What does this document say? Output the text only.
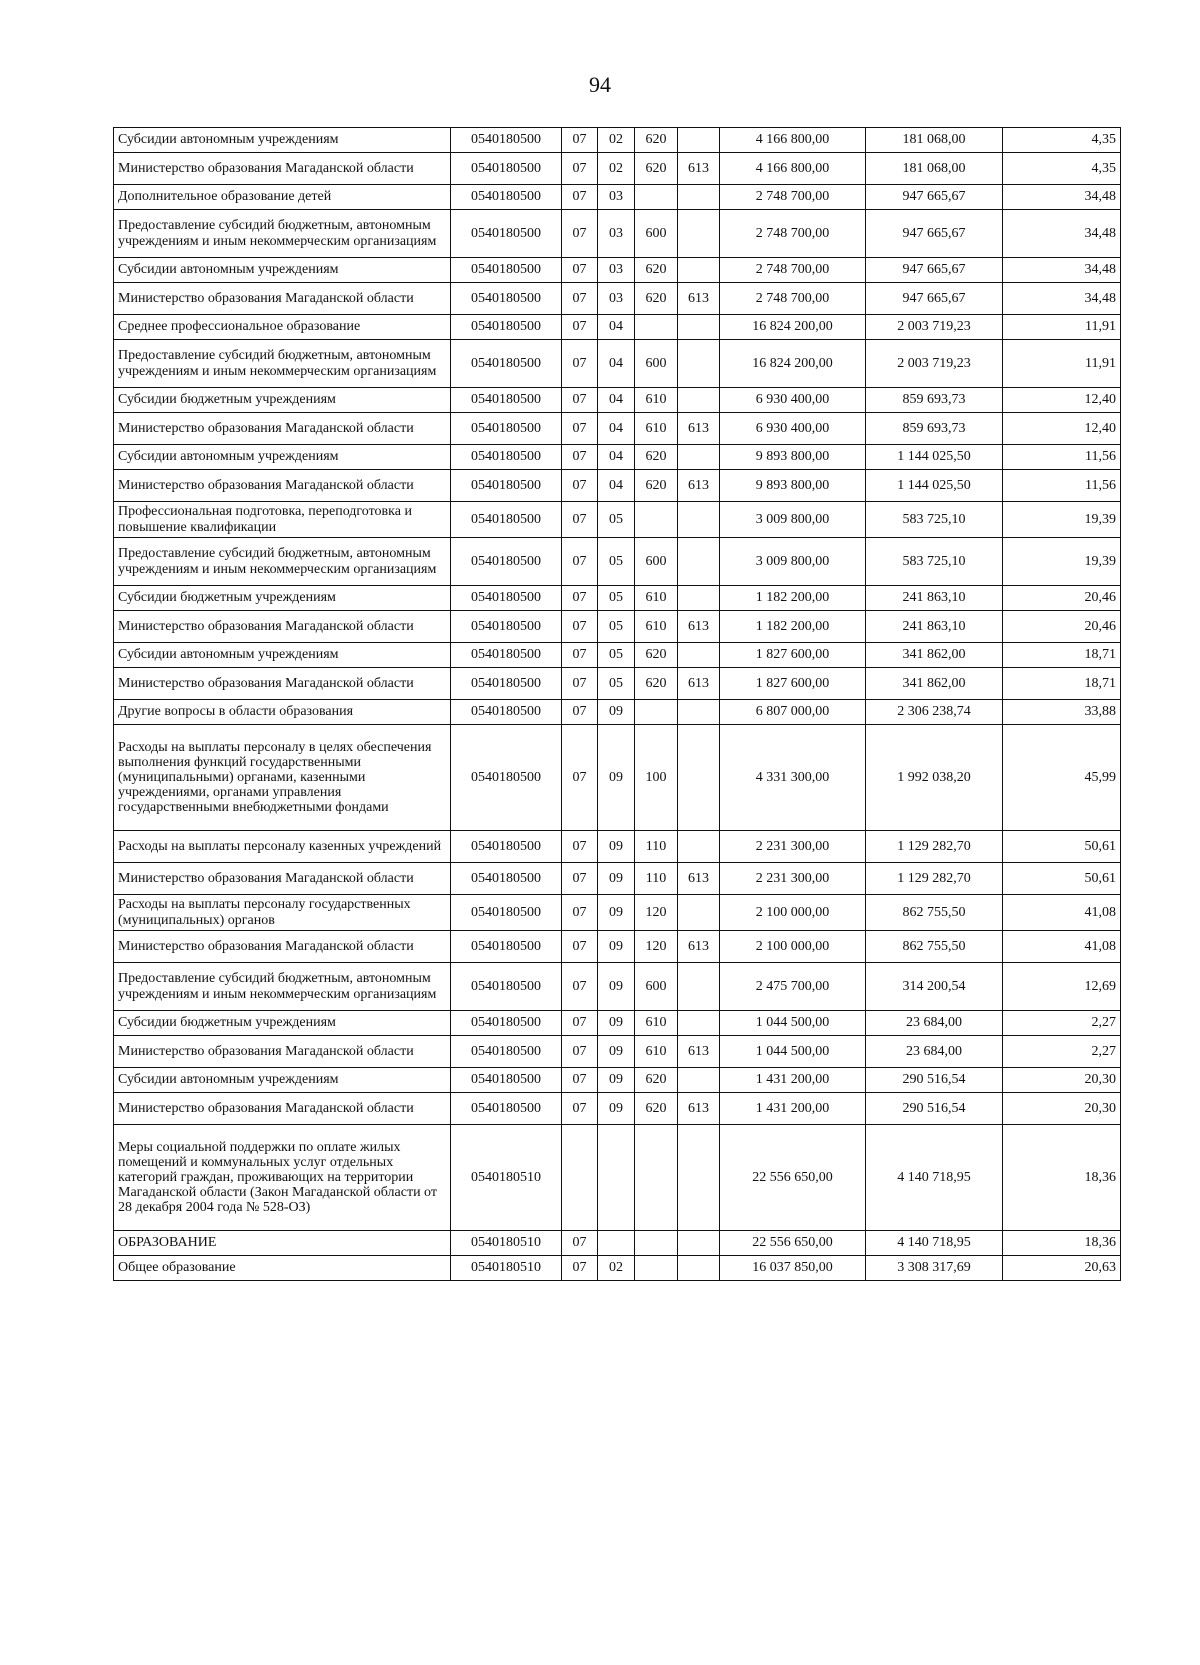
94
Субсидии автономным учреждениям	0540180500	07	02	620		4 166 800,00	181 068,00	4,35
Министерство образования Магаданской области	0540180500	07	02	620	613	4 166 800,00	181 068,00	4,35
Дополнительное образование детей	0540180500	07	03			2 748 700,00	947 665,67	34,48
Предоставление субсидий бюджетным, автономным учреждениям и иным некоммерческим организациям	0540180500	07	03	600		2 748 700,00	947 665,67	34,48
Субсидии автономным учреждениям	0540180500	07	03	620		2 748 700,00	947 665,67	34,48
Министерство образования Магаданской области	0540180500	07	03	620	613	2 748 700,00	947 665,67	34,48
Среднее профессиональное образование	0540180500	07	04			16 824 200,00	2 003 719,23	11,91
Предоставление субсидий бюджетным, автономным учреждениям и иным некоммерческим организациям	0540180500	07	04	600		16 824 200,00	2 003 719,23	11,91
Субсидии бюджетным учреждениям	0540180500	07	04	610		6 930 400,00	859 693,73	12,40
Министерство образования Магаданской области	0540180500	07	04	610	613	6 930 400,00	859 693,73	12,40
Субсидии автономным учреждениям	0540180500	07	04	620		9 893 800,00	1 144 025,50	11,56
Министерство образования Магаданской области	0540180500	07	04	620	613	9 893 800,00	1 144 025,50	11,56
Профессиональная подготовка, переподготовка и повышение квалификации	0540180500	07	05			3 009 800,00	583 725,10	19,39
Предоставление субсидий бюджетным, автономным учреждениям и иным некоммерческим организациям	0540180500	07	05	600		3 009 800,00	583 725,10	19,39
Субсидии бюджетным учреждениям	0540180500	07	05	610		1 182 200,00	241 863,10	20,46
Министерство образования Магаданской области	0540180500	07	05	610	613	1 182 200,00	241 863,10	20,46
Субсидии автономным учреждениям	0540180500	07	05	620		1 827 600,00	341 862,00	18,71
Министерство образования Магаданской области	0540180500	07	05	620	613	1 827 600,00	341 862,00	18,71
Другие вопросы в области образования	0540180500	07	09			6 807 000,00	2 306 238,74	33,88
Расходы на выплаты персоналу в целях обеспечения выполнения функций государственными (муниципальными) органами, казенными учреждениями, органами управления государственными внебюджетными фондами	0540180500	07	09	100		4 331 300,00	1 992 038,20	45,99
Расходы на выплаты персоналу казенных учреждений	0540180500	07	09	110		2 231 300,00	1 129 282,70	50,61
Министерство образования Магаданской области	0540180500	07	09	110	613	2 231 300,00	1 129 282,70	50,61
Расходы на выплаты персоналу государственных (муниципальных) органов	0540180500	07	09	120		2 100 000,00	862 755,50	41,08
Министерство образования Магаданской области	0540180500	07	09	120	613	2 100 000,00	862 755,50	41,08
Предоставление субсидий бюджетным, автономным учреждениям и иным некоммерческим организациям	0540180500	07	09	600		2 475 700,00	314 200,54	12,69
Субсидии бюджетным учреждениям	0540180500	07	09	610		1 044 500,00	23 684,00	2,27
Министерство образования Магаданской области	0540180500	07	09	610	613	1 044 500,00	23 684,00	2,27
Субсидии автономным учреждениям	0540180500	07	09	620		1 431 200,00	290 516,54	20,30
Министерство образования Магаданской области	0540180500	07	09	620	613	1 431 200,00	290 516,54	20,30
Меры социальной поддержки по оплате жилых помещений и коммунальных услуг отдельных категорий граждан, проживающих на территории Магаданской области (Закон Магаданской области от 28 декабря 2004 года № 528-ОЗ)	0540180510					22 556 650,00	4 140 718,95	18,36
ОБРАЗОВАНИЕ	0540180510	07				22 556 650,00	4 140 718,95	18,36
Общее образование	0540180510	07	02			16 037 850,00	3 308 317,69	20,63
